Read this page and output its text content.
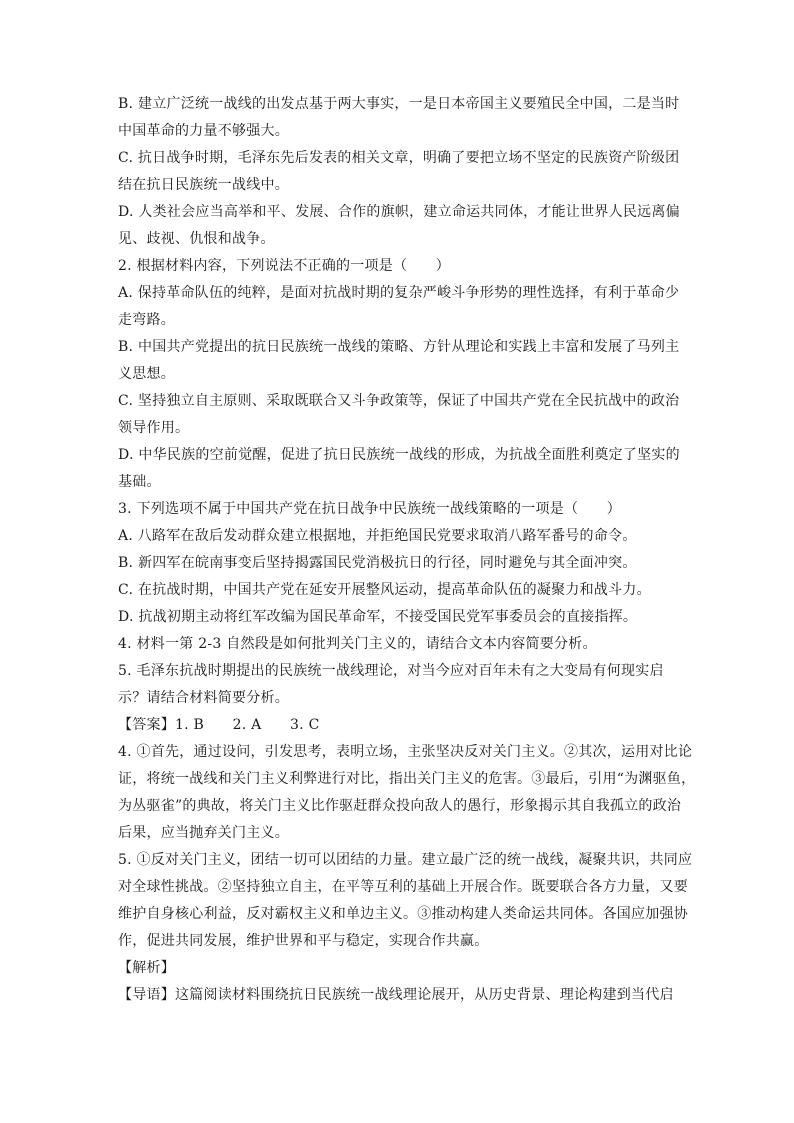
B. 建立广泛统一战线的出发点基于两大事实，一是日本帝国主义要殖民全中国，二是当时
中国革命的力量不够强大。
C. 抗日战争时期，毛泽东先后发表的相关文章，明确了要把立场不坚定的民族资产阶级团
结在抗日民族统一战线中。
D. 人类社会应当高举和平、发展、合作的旗帜，建立命运共同体，才能让世界人民远离偏
见、歧视、仇恨和战争。
2. 根据材料内容，下列说法不正确的一项是（　　）
A. 保持革命队伍的纯粹，是面对抗战时期的复杂严峻斗争形势的理性选择，有利于革命少
走弯路。
B. 中国共产党提出的抗日民族统一战线的策略、方针从理论和实践上丰富和发展了马列主
义思想。
C. 坚持独立自主原则、采取既联合又斗争政策等，保证了中国共产党在全民抗战中的政治
领导作用。
D. 中华民族的空前觉醒，促进了抗日民族统一战线的形成，为抗战全面胜利奠定了坚实的
基础。
3. 下列选项不属于中国共产党在抗日战争中民族统一战线策略的一项是（　　）
A. 八路军在敌后发动群众建立根据地，并拒绝国民党要求取消八路军番号的命令。
B. 新四军在皖南事变后坚持揭露国民党消极抗日的行径，同时避免与其全面冲突。
C. 在抗战时期，中国共产党在延安开展整风运动，提高革命队伍的凝聚力和战斗力。
D. 抗战初期主动将红军改编为国民革命军，不接受国民党军事委员会的直接指挥。
4. 材料一第 2-3 自然段是如何批判关门主义的，请结合文本内容简要分析。
5. 毛泽东抗战时期提出的民族统一战线理论，对当今应对百年未有之大变局有何现实启
示？请结合材料简要分析。
【答案】1. B　　2. A　　3. C
4. ①首先，通过设问，引发思考，表明立场，主张坚决反对关门主义。②其次，运用对比论
证，将统一战线和关门主义利弊进行对比，指出关门主义的危害。③最后，引用“为渊驱鱼，
为丛驱雀”的典故，将关门主义比作驱赶群众投向敌人的愚行，形象揭示其自我孤立的政治
后果，应当抛弃关门主义。
5. ①反对关门主义，团结一切可以团结的力量。建立最广泛的统一战线，凝聚共识，共同应
对全球性挑战。②坚持独立自主，在平等互利的基础上开展合作。既要联合各方力量，又要
维护自身核心利益，反对霸权主义和单边主义。③推动构建人类命运共同体。各国应加强协
作，促进共同发展，维护世界和平与稳定，实现合作共赢。
【解析】
【导语】这篇阅读材料围绕抗日民族统一战线理论展开，从历史背景、理论构建到当代启
